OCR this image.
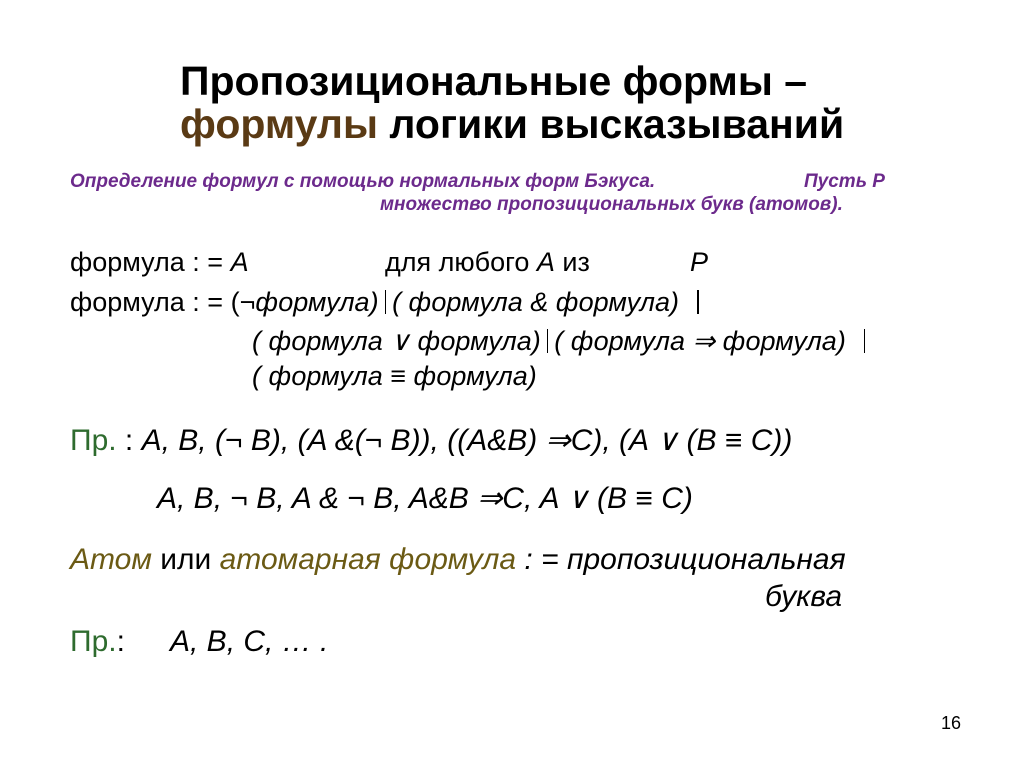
Пропозициональные формы –
формулы логики высказываний
Определение формул с помощью нормальных форм Бэкуса.	Пусть P
множество пропозициональных букв (атомов).
формула : = A	для любого A из	P
формула : = (¬формула) ( формула & формула)
( формула ∨ формула) ( формула ⇒ формула)
( формула ≡ формула)
Пр. : A, B, (¬ B), (A &(¬ B)), ((A&B) ⇒C), (A ∨ (B ≡ C))
A, B, ¬ B, A & ¬ B, A&B ⇒C, A ∨ (B ≡ C)
Атом или атомарная формула : = пропозициональная
буква
Пр.: A, B, C, … .
16
